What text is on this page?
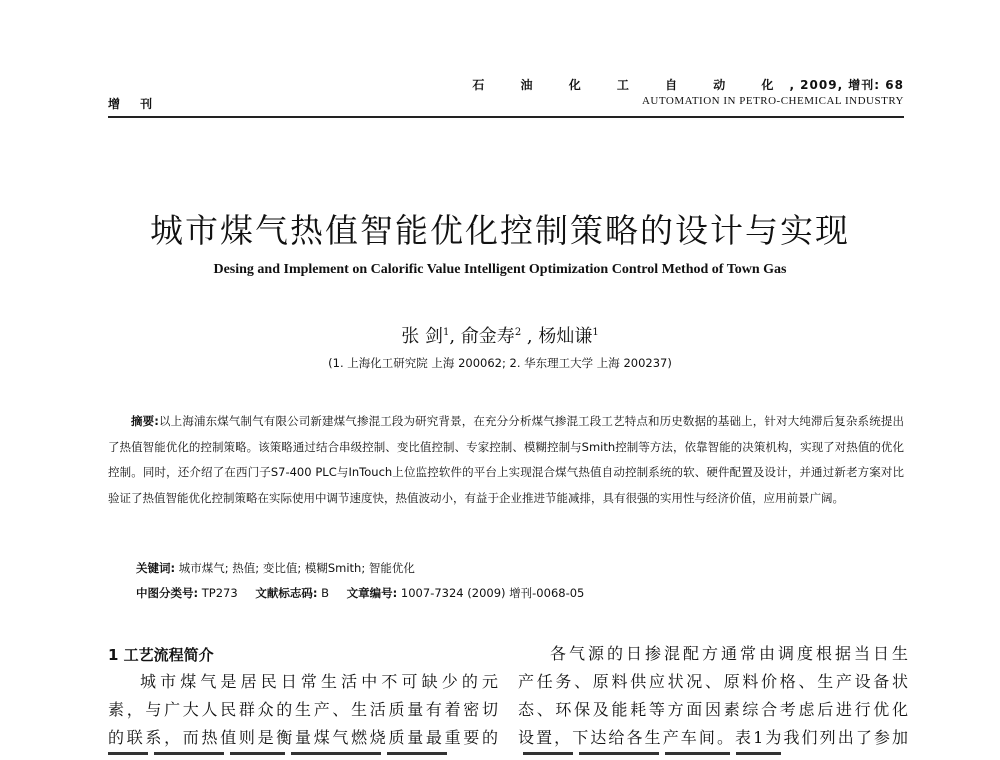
石 油 化 工 自 动 化, 2009, 增刊: 68
AUTOMATION IN PETRO-CHEMICAL INDUSTRY
增 刊
城市煤气热值智能优化控制策略的设计与实现
Desing and Implement on Calorific Value Intelligent Optimization Control Method of Town Gas
张 剑$^1$, 俞金寿$^2$ , 杨灿谦$^1$
(1. 上海化工研究院 上海 200062; 2. 华东理工大学 上海 200237)
摘要:以上海浦东煤气制气有限公司新建煤气掺混工段为研究背景，在充分分析煤气掺混工段工艺特点和历史数据的基础上，针对大纯滞后复杂系统提出了热值智能优化的控制策略。该策略通过结合串级控制、变比值控制、专家控制、模糊控制与Smith控制等方法，依靠智能的决策机构，实现了对热值的优化控制。同时，还介绍了在西门子S7-400 PLC与InTouch上位监控软件的平台上实现混合煤气热值自动控制系统的软、硬件配置及设计，并通过新老方案对比验证了热值智能优化控制策略在实际使用中调节速度快，热值波动小，有益于企业推进节能减排，具有很强的实用性与经济价值，应用前景广阔。
关键词: 城市煤气; 热值; 变比值; 模糊Smith; 智能优化
中图分类号: TP273 文献标志码: B 文章编号: 1007-7324 (2009) 增刊-0068-05
1 工艺流程简介
城市煤气是居民日常生活中不可缺少的元
素，与广大人民群众的生产、生活质量有着密切
的联系，而热值则是衡量煤气燃烧质量最重要的
各气源的日掺混配方通常由调度根据当日生
产任务、原料供应状况、原料价格、生产设备状
态、环保及能耗等方面因素综合考虑后进行优化
设置，下达给各生产车间。表1为我们列出了参加
